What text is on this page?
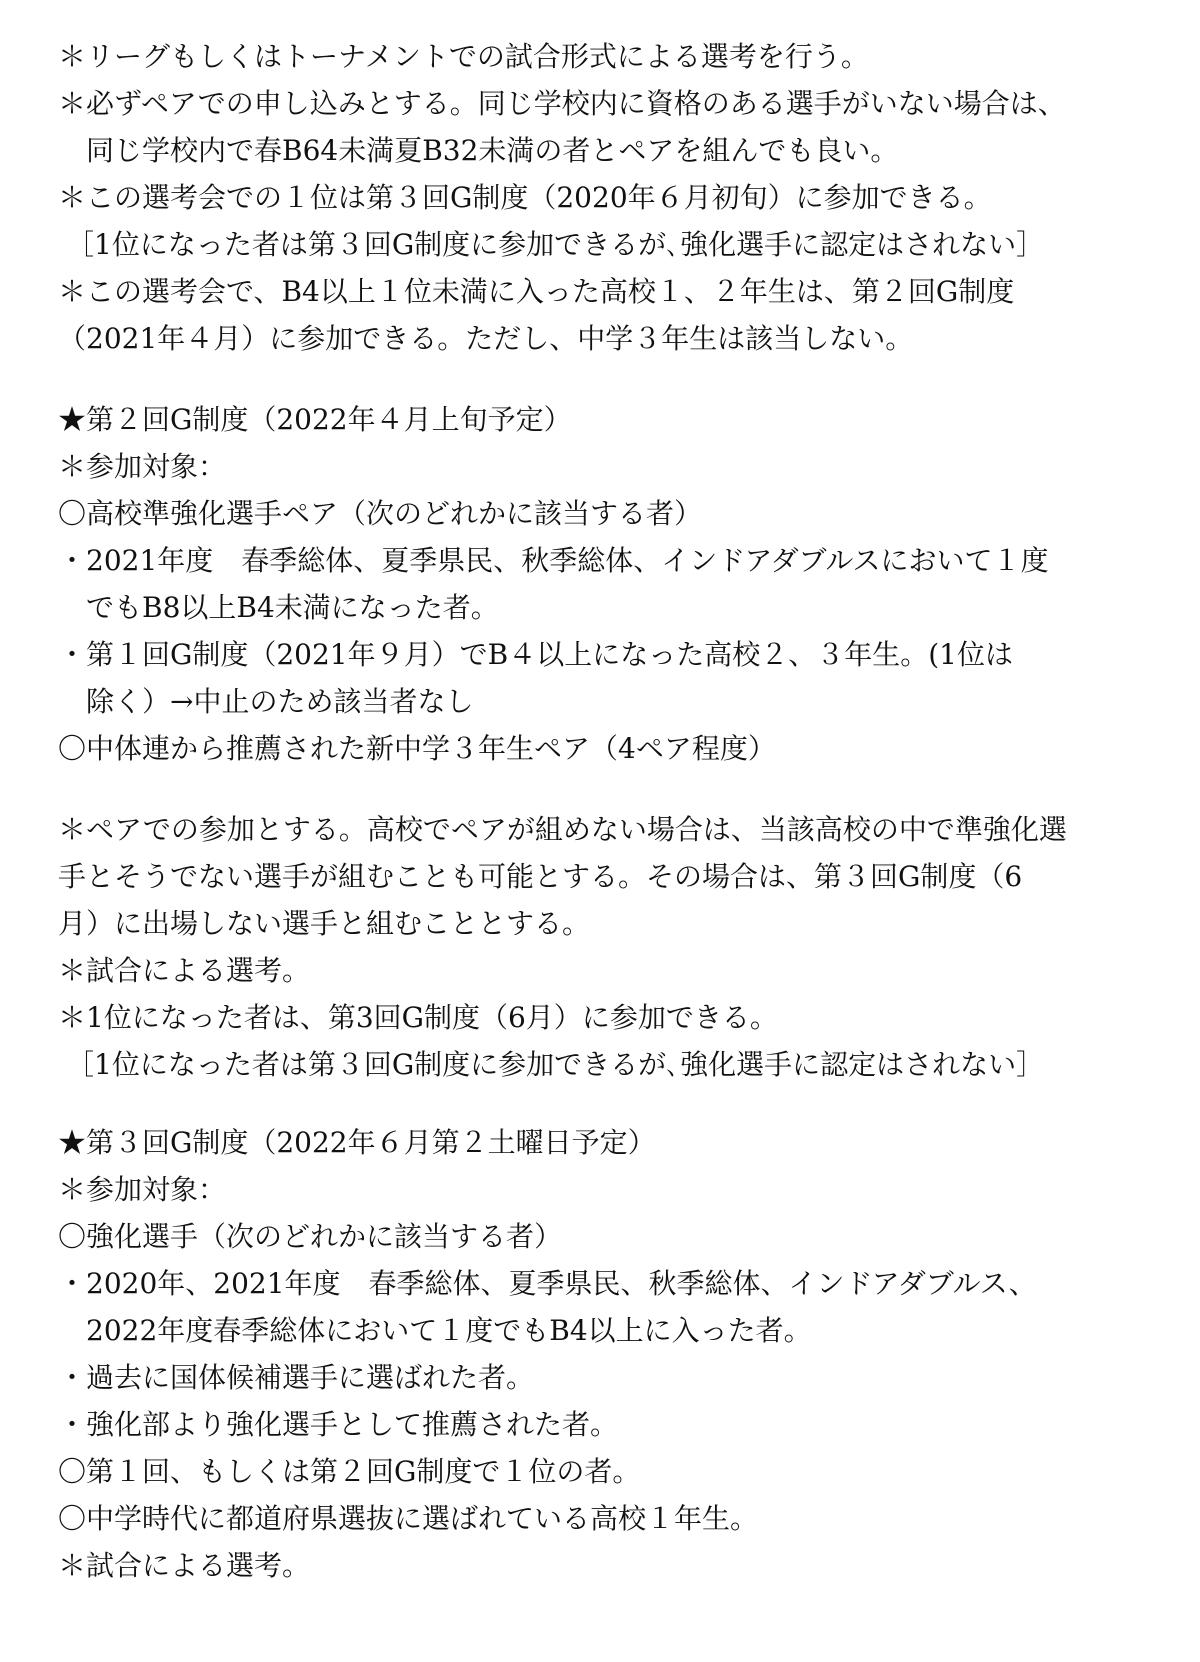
＊リーグもしくはトーナメントでの試合形式による選考を行う。
＊必ずペアでの申し込みとする。同じ学校内に資格のある選手がいない場合は、
同じ学校内で春B64未満夏B32未満の者とペアを組んでも良い。
＊この選考会での１位は第３回G制度（2020年６月初旬）に参加できる。
［1位になった者は第３回G制度に参加できるが､強化選手に認定はされない］
＊この選考会で、B4以上１位未満に入った高校１、２年生は、第２回G制度
（2021年４月）に参加できる。ただし、中学３年生は該当しない。
★第２回G制度（2022年４月上旬予定）
＊参加対象：
〇高校準強化選手ペア（次のどれかに該当する者）
・2021年度　春季総体、夏季県民、秋季総体、インドアダブルスにおいて１度
でもB8以上B4未満になった者。
・第１回G制度（2021年９月）でB４以上になった高校２、３年生。(1位は
除く）→中止のため該当者なし
〇中体連から推薦された新中学３年生ペア（4ペア程度）
＊ペアでの参加とする。高校でペアが組めない場合は、当該高校の中で準強化選
手とそうでない選手が組むことも可能とする。その場合は、第３回G制度（6
月）に出場しない選手と組むこととする。
＊試合による選考。
＊1位になった者は、第3回G制度（6月）に参加できる。
［1位になった者は第３回G制度に参加できるが､強化選手に認定はされない］
★第３回G制度（2022年６月第２土曜日予定）
＊参加対象：
〇強化選手（次のどれかに該当する者）
・2020年、2021年度　春季総体、夏季県民、秋季総体、インドアダブルス、
2022年度春季総体において１度でもB4以上に入った者。
・過去に国体候補選手に選ばれた者。
・強化部より強化選手として推薦された者。
〇第１回、もしくは第２回G制度で１位の者。
〇中学時代に都道府県選抜に選ばれている高校１年生。
＊試合による選考。
